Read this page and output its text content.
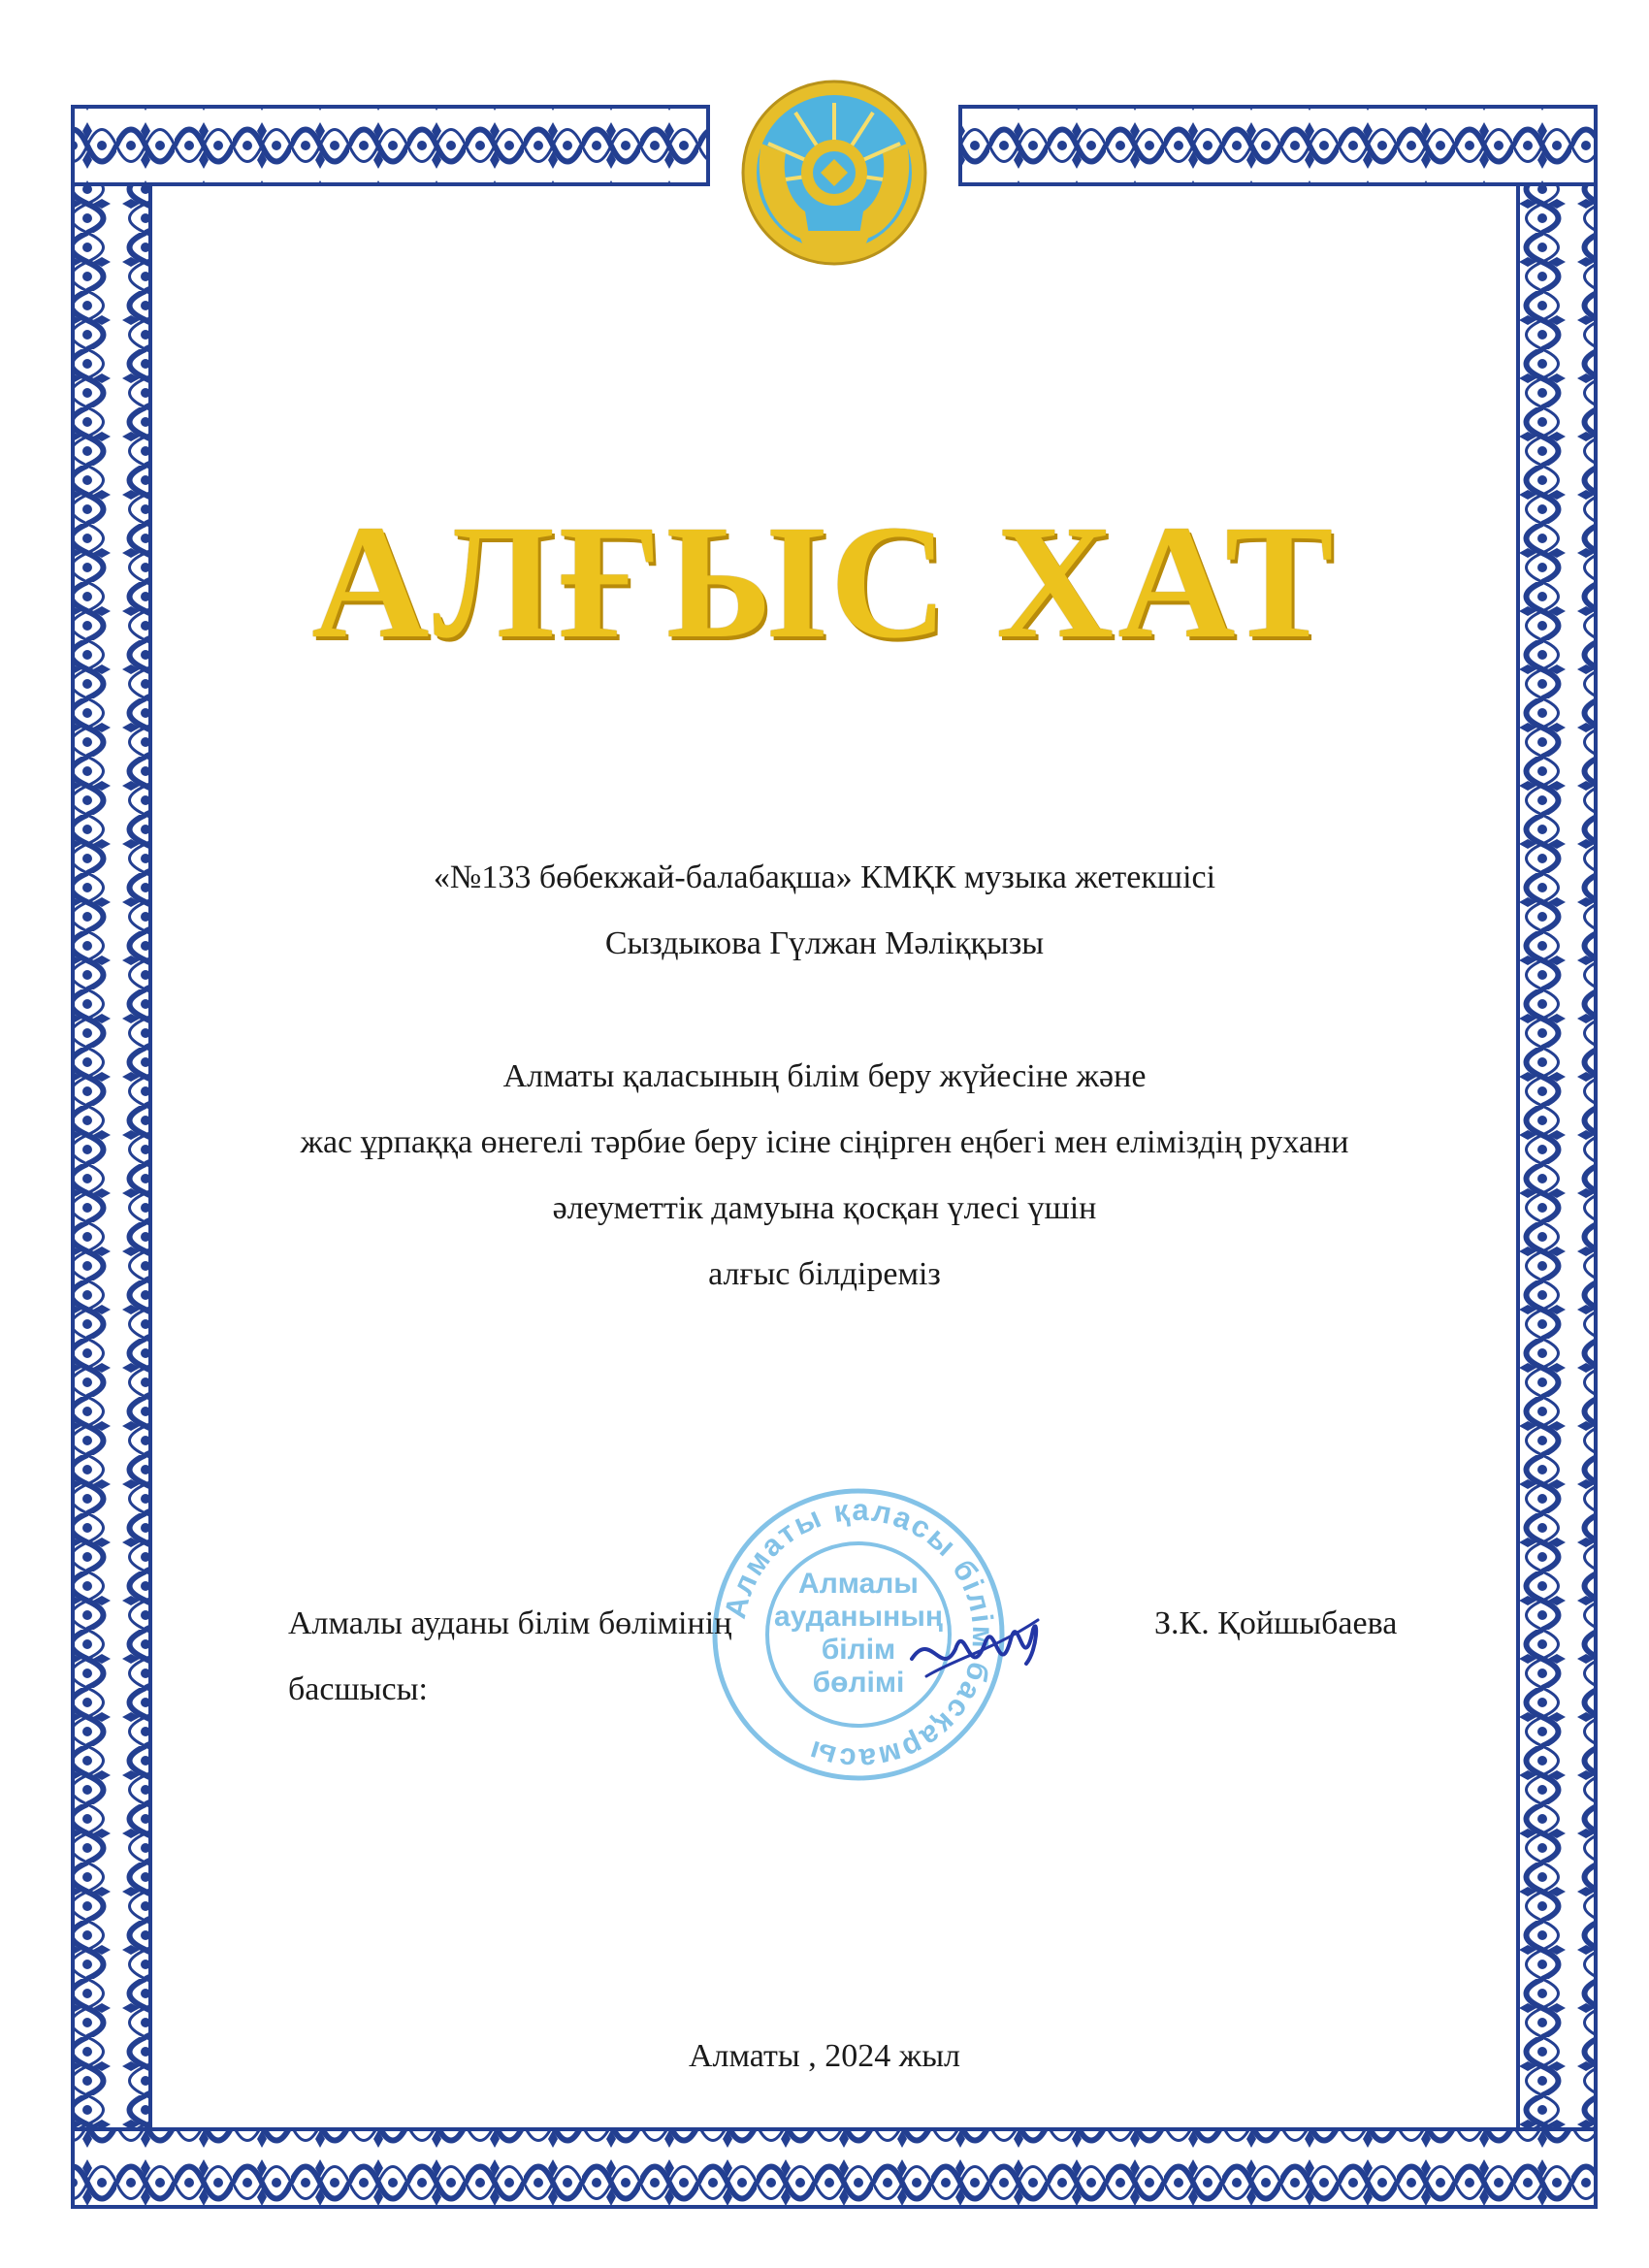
АЛҒЫС ХАТ

«№133 бөбекжай-балабақша» КМҚК музыка жетекшісі

Сыздыкова Гүлжан Мәліққызы

Алматы қаласының білім беру жүйесіне және

жас ұрпаққа өнегелі тәрбие беру ісіне сіңірген еңбегі мен еліміздің рухани

әлеуметтік дамуына қосқан үлесі үшін

алғыс білдіреміз

Алматы қаласы білім басқармасы
Алмалы
ауданының
білім
бөлімі

Алмалы ауданы білім бөлімінің

басшысы:

З.К. Қойшыбаева

Алматы , 2024 жыл
